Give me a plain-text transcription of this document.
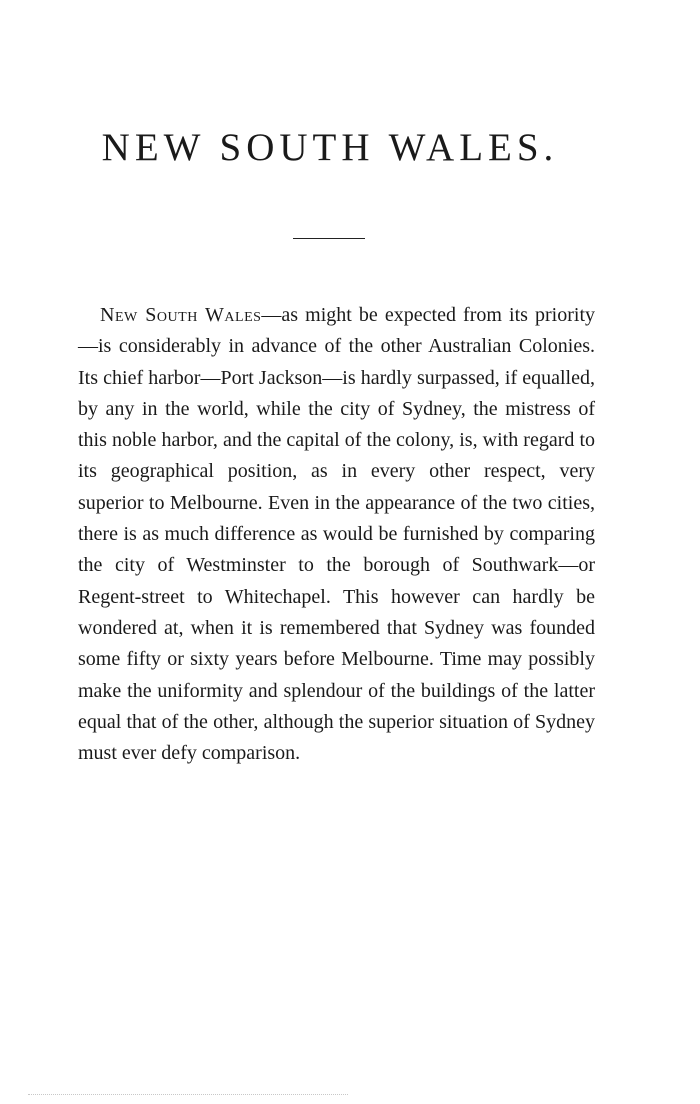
NEW SOUTH WALES.

New South Wales—as might be expected from its priority—is considerably in advance of the other Australian Colonies. Its chief harbor—Port Jackson—is hardly surpassed, if equalled, by any in the world, while the city of Sydney, the mistress of this noble harbor, and the capital of the colony, is, with regard to its geographical position, as in every other respect, very superior to Melbourne. Even in the appearance of the two cities, there is as much difference as would be furnished by comparing the city of Westminster to the borough of Southwark—or Regent-street to Whitechapel. This however can hardly be wondered at, when it is remembered that Sydney was founded some fifty or sixty years before Melbourne. Time may possibly make the uniformity and splendour of the buildings of the latter equal that of the other, although the superior situation of Sydney must ever defy comparison.
